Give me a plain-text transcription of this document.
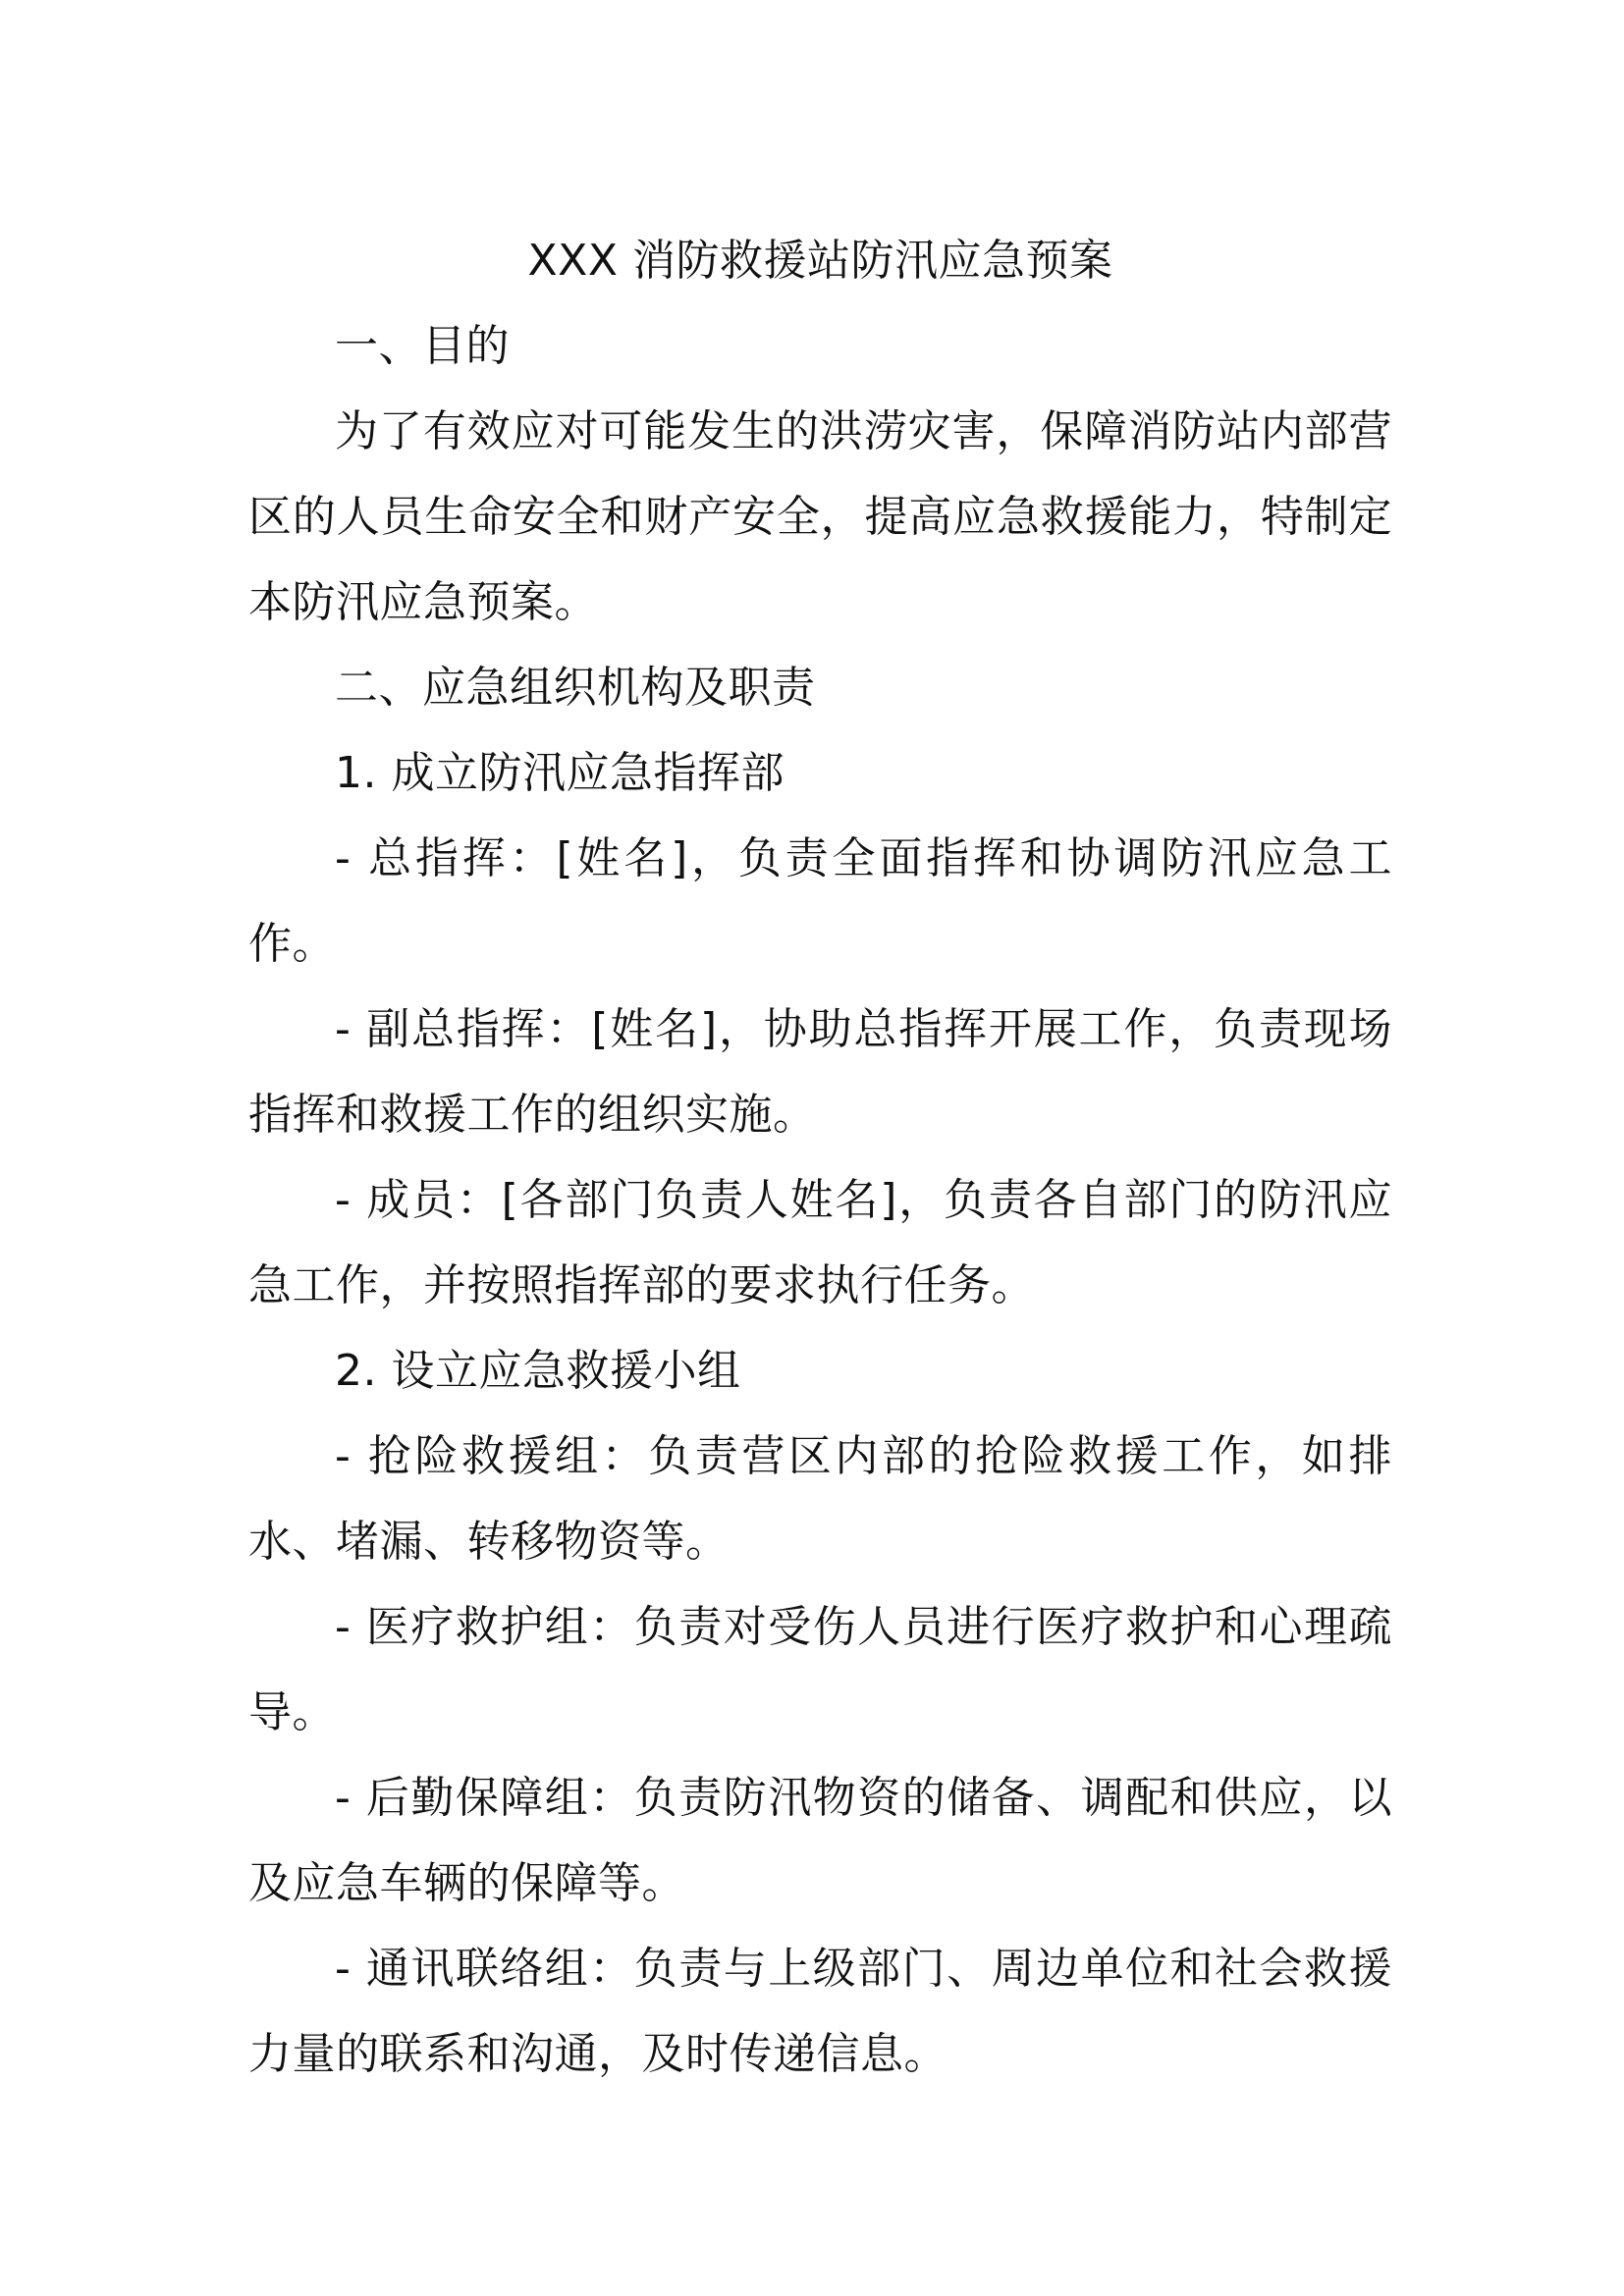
XXX 消防救援站防汛应急预案

一、目的

为了有效应对可能发生的洪涝灾害，保障消防站内部营区的人员生命安全和财产安全，提高应急救援能力，特制定本防汛应急预案。

二、应急组织机构及职责

1. 成立防汛应急指挥部

- 总指挥：[姓名]，负责全面指挥和协调防汛应急工作。

- 副总指挥：[姓名]，协助总指挥开展工作，负责现场指挥和救援工作的组织实施。

- 成员：[各部门负责人姓名]，负责各自部门的防汛应急工作，并按照指挥部的要求执行任务。

2. 设立应急救援小组

- 抢险救援组：负责营区内部的抢险救援工作，如排水、堵漏、转移物资等。

- 医疗救护组：负责对受伤人员进行医疗救护和心理疏导。

- 后勤保障组：负责防汛物资的储备、调配和供应，以及应急车辆的保障等。

- 通讯联络组：负责与上级部门、周边单位和社会救援力量的联系和沟通，及时传递信息。
